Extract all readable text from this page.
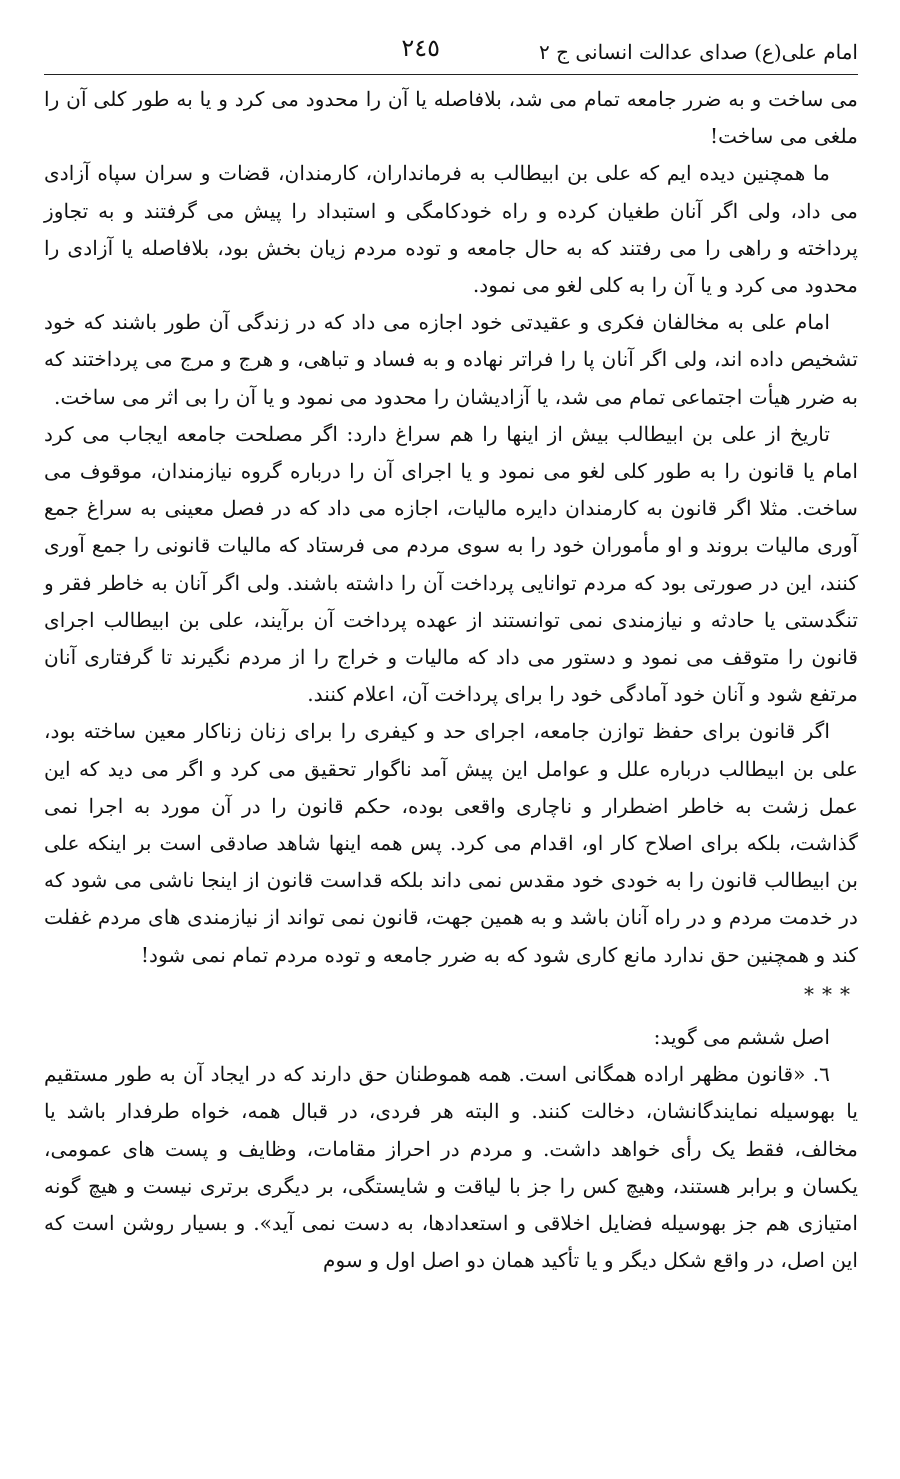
امام علی(ع) صدای عدالت انسانی ج ۲
۲٤٥

می ساخت و به ضرر جامعه تمام می شد، بلافاصله یا آن را محدود می کرد و یا به طور کلی آن را ملغی می ساخت!

ما همچنین دیده ایم که علی بن ابیطالب به فرمانداران، کارمندان، قضات و سران سپاه آزادی می داد، ولی اگر آنان طغیان کرده و راه خودکامگی و استبداد را پیش می گرفتند و به تجاوز پرداخته و راهی را می رفتند که به حال جامعه و توده مردم زیان بخش بود، بلافاصله یا آزادی را محدود می کرد و یا آن را به کلی لغو می نمود.

امام علی به مخالفان فکری و عقیدتی خود اجازه می داد که در زندگی آن طور باشند که خود تشخیص داده اند، ولی اگر آنان پا را فراتر نهاده و به فساد و تباهی، و هرج و مرج می پرداختند که به ضرر هیأت اجتماعی تمام می شد، یا آزادیشان را محدود می نمود و یا آن را بی اثر می ساخت.

تاریخ از علی بن ابیطالب بیش از اینها را هم سراغ دارد: اگر مصلحت جامعه ایجاب می کرد امام یا قانون را به طور کلی لغو می نمود و یا اجرای آن را درباره گروه نیازمندان، موقوف می ساخت. مثلا اگر قانون به کارمندان دایره مالیات، اجازه می داد که در فصل معینی به سراغ جمع آوری مالیات بروند و او مأموران خود را به سوی مردم می فرستاد که مالیات قانونی را جمع آوری کنند، این در صورتی بود که مردم توانایی پرداخت آن را داشته باشند. ولی اگر آنان به خاطر فقر و تنگدستی یا حادثه و نیازمندی نمی توانستند از عهده پرداخت آن برآیند، علی بن ابیطالب اجرای قانون را متوقف می نمود و دستور می داد که مالیات و خراج را از مردم نگیرند تا گرفتاری آنان مرتفع شود و آنان خود آمادگی خود را برای پرداخت آن، اعلام کنند.

اگر قانون برای حفظ توازن جامعه، اجرای حد و کیفری را برای زنان زناکار معین ساخته بود، علی بن ابیطالب درباره علل و عوامل این پیش آمد ناگوار تحقیق می کرد و اگر می دید که این عمل زشت به خاطر اضطرار و ناچاری واقعی بوده، حکم قانون را در آن مورد به اجرا نمی گذاشت، بلکه برای اصلاح کار او، اقدام می کرد. پس همه اینها شاهد صادقی است بر اینکه علی بن ابیطالب قانون را به خودی خود مقدس نمی داند بلکه قداست قانون از اینجا ناشی می شود که در خدمت مردم و در راه آنان باشد و به همین جهت، قانون نمی تواند از نیازمندی های مردم غفلت کند و همچنین حق ندارد مانع کاری شود که به ضرر جامعه و توده مردم تمام نمی شود!

***

اصل ششم می گوید:

٦. «قانون مظهر اراده همگانی است. همه هموطنان حق دارند که در ایجاد آن به طور مستقیم یا بهوسیله نمایندگانشان، دخالت کنند. و البته هر فردی، در قبال همه، خواه طرفدار باشد یا مخالف، فقط یک رأی خواهد داشت. و مردم در احراز مقامات، وظایف و پست های عمومی، یکسان و برابر هستند، وهیچ کس را جز با لیاقت و شایستگی، بر دیگری برتری نیست و هیچ گونه امتیازی هم جز بهوسیله فضایل اخلاقی و استعدادها، به دست نمی آید». و بسیار روشن است که این اصل، در واقع شکل دیگر و یا تأکید همان دو اصل اول و سوم
